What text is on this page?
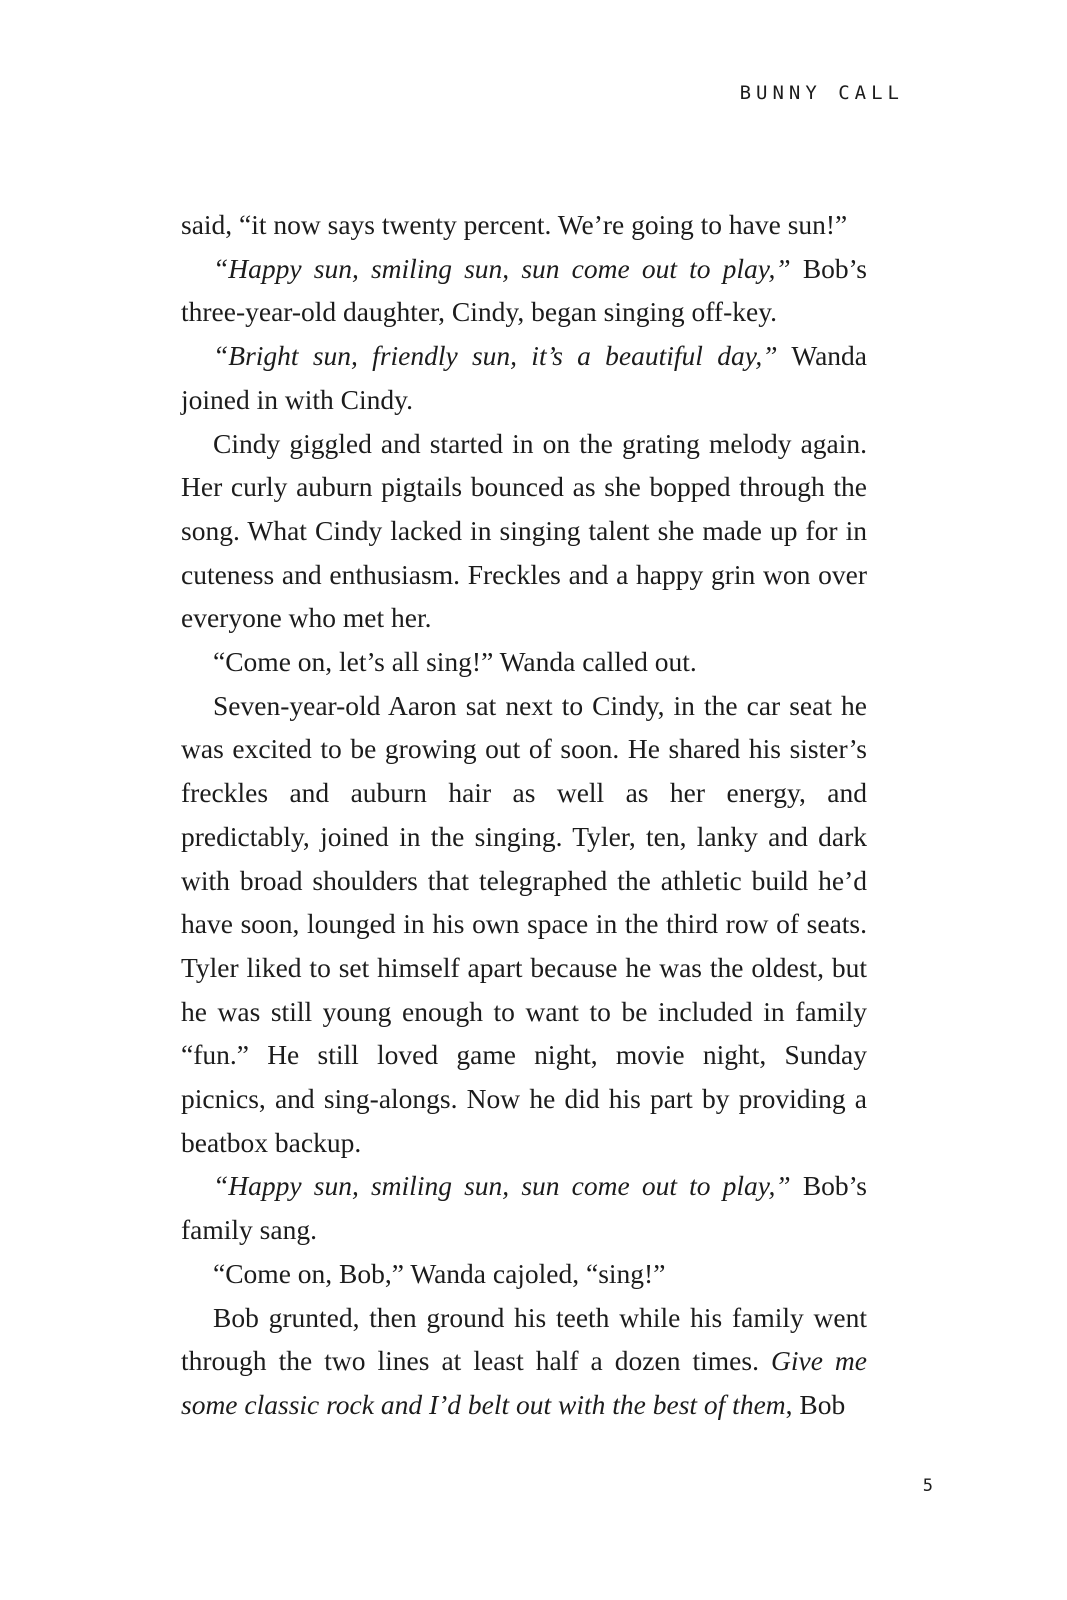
BUNNY CALL

said, “it now says twenty percent. We’re going to have sun!”

“Happy sun, smiling sun, sun come out to play,” Bob’s three-year-old daughter, Cindy, began singing off-key.

“Bright sun, friendly sun, it’s a beautiful day,” Wanda joined in with Cindy.

Cindy giggled and started in on the grating melody again. Her curly auburn pigtails bounced as she bopped through the song. What Cindy lacked in singing talent she made up for in cuteness and enthusiasm. Freckles and a happy grin won over everyone who met her.

“Come on, let’s all sing!” Wanda called out.

Seven-year-old Aaron sat next to Cindy, in the car seat he was excited to be growing out of soon. He shared his sister’s freckles and auburn hair as well as her energy, and predictably, joined in the singing. Tyler, ten, lanky and dark with broad shoulders that telegraphed the athletic build he’d have soon, lounged in his own space in the third row of seats. Tyler liked to set himself apart because he was the oldest, but he was still young enough to want to be included in family “fun.” He still loved game night, movie night, Sunday picnics, and sing-alongs. Now he did his part by providing a beatbox backup.

“Happy sun, smiling sun, sun come out to play,” Bob’s family sang.

“Come on, Bob,” Wanda cajoled, “sing!”

Bob grunted, then ground his teeth while his family went through the two lines at least half a dozen times. Give me some classic rock and I’d belt out with the best of them, Bob

5
